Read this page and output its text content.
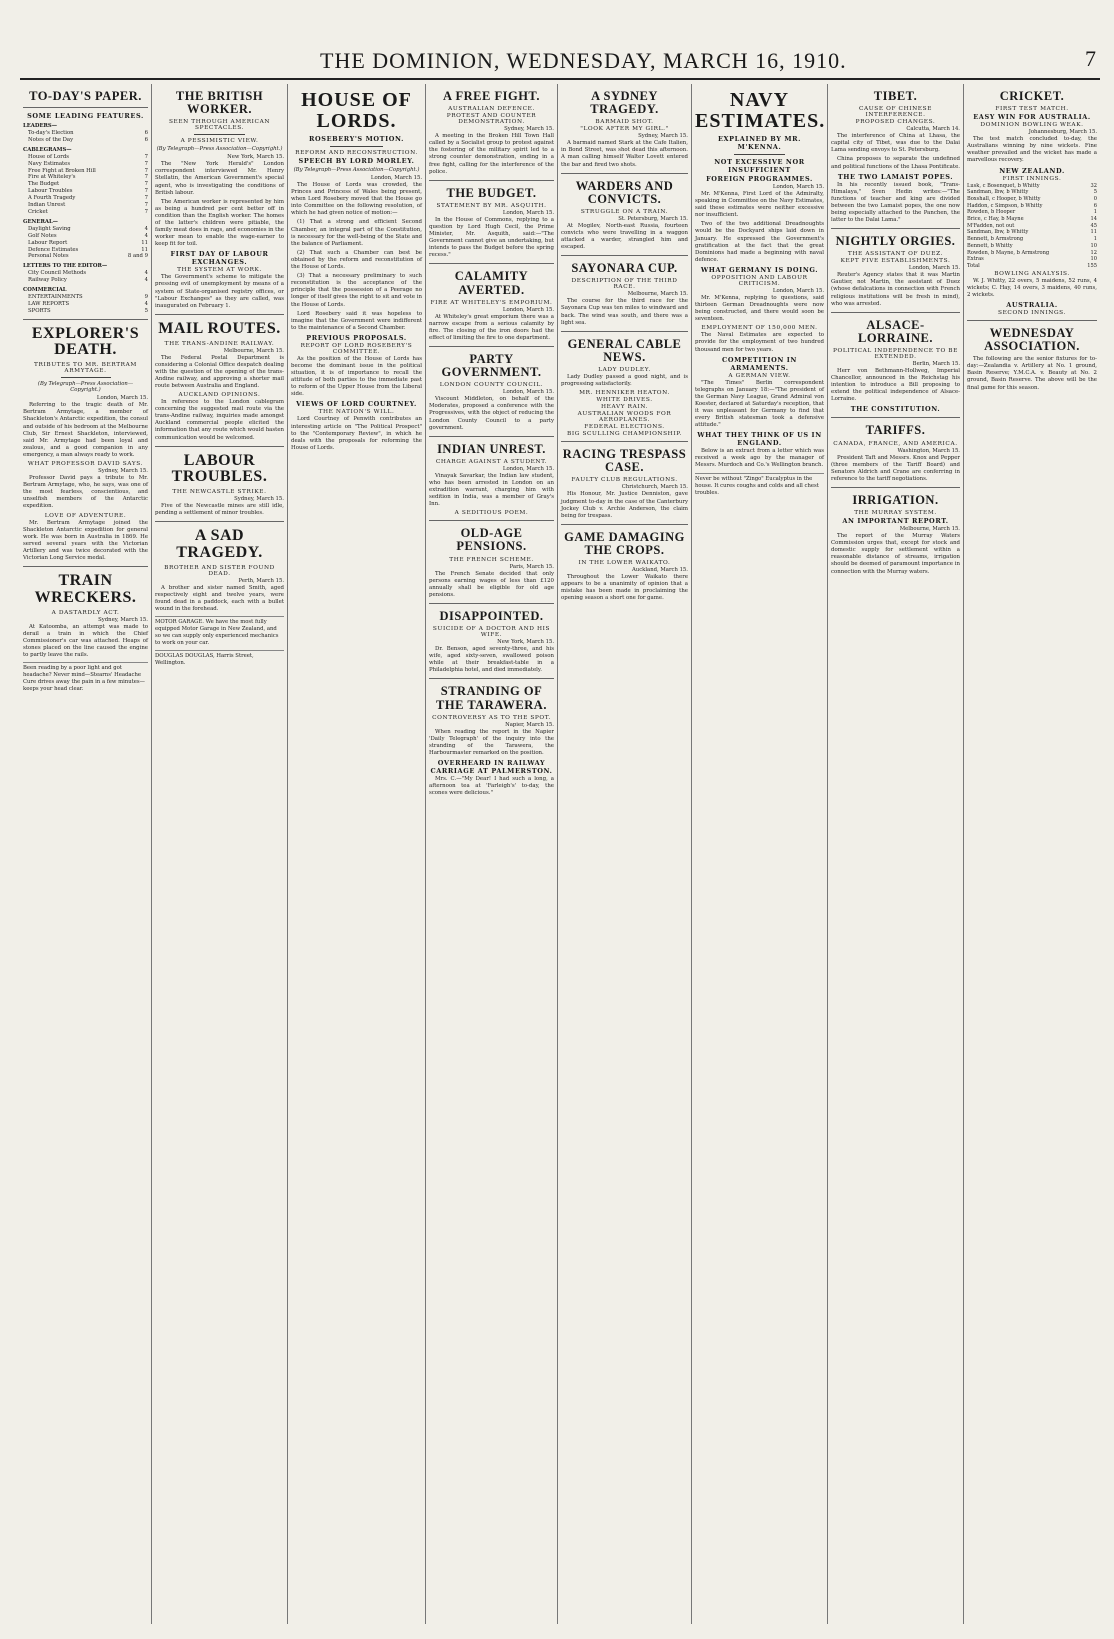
THE DOMINION, WEDNESDAY, MARCH 16, 1910.	7
TO-DAY'S PAPER.
SOME LEADING FEATURES.
LEADERS—
To-day's Election	6
Notes of the Day	6
CABLEGRAMS—
House of Lords	7
Navy Estimates	7
Free Fight at Broken Hill	7
Fire at Whiteley's	7
The Budget	7
Labour Troubles	7
A Fourth Tragedy	7
Indian Unrest	7
Cricket	7
GENERAL—
Daylight Saving	4
Golf Notes	4
Labour Report	11
Defence Estimates	11
Personal Notes	8 and 9
LETTERS TO THE EDITOR—
City Council Methods	4
Railway Policy	4
COMMERCIAL
ENTERTAINMENTS	9
LAW REPORTS	4
SPORTS	5
EXPLORER'S DEATH.
TRIBUTES TO MR. BERTRAM ARMYTAGE.
(By Telegraph—Press Association—Copyright.)
London, March 15.

Referring to the tragic death of Mr. Bertram Armytage, a member of Shackleton's Antarctic expedition, the consul and outside of his bedroom at the Melbourne Club, Sir Ernest Shackleton, interviewed, said Mr. Armytage had been loyal and zealous, and a good companion in any emergency, a man always ready to work.

WHAT PROFESSOR DAVID SAYS.
Sydney, March 15.

Professor David pays a tribute to Mr. Bertram Armytage, who, he says, was one of the most fearless, conscientious, and unselfish members of the Antarctic expedition.

LOVE OF ADVENTURE.

Mr. Bertram Armytage joined the Shackleton Antarctic expedition for general work. He was born in Australia in 1869. He served several years with the Victorian Artillery and was twice decorated with the Victorian Long Service medal.

TRAIN WRECKERS.
A DASTARDLY ACT.
Sydney, March 15.

At Katoomba, an attempt was made to derail a train in which the Chief Commissioner's car was attached. Heaps of stones placed on the line caused the engine to partly leave the rails.

Been reading by a poor light and got headache? Never mind—Stearns' Headache Cure drives away the pain in a few minutes—keeps your head clear.
THE BRITISH WORKER.
SEEN THROUGH AMERICAN SPECTACLES.
A PESSIMISTIC VIEW.
(By Telegraph—Press Association—Copyright.)
New York, March 15.

The "New York Herald's" London correspondent interviewed Mr. Henry Stellatin, the American Government's special agent, who is investigating the conditions of British labour.

The American worker is represented by him as being a hundred per cent better off in condition than the English worker. The homes of the latter's children were pitiable, the family meat does in rags, and economies in the worker mean to enable the wage-earner to keep fit for toil.

FIRST DAY OF LABOUR EXCHANGES.
THE SYSTEM AT WORK.

The Government's scheme to mitigate the pressing evil of unemployment by means of a system of State-organised registry offices, or "Labour Exchanges" as they are called, was inaugurated on February 1.

MAIL ROUTES.
THE TRANS-ANDINE RAILWAY.
Melbourne, March 15.

The Federal Postal Department is considering a Colonial Office despatch dealing with the question of the opening of the trans-Andine railway, and approving a shorter mail route between Australia and England.

AUCKLAND OPINIONS.

In reference to the London cablegram concerning the suggested mail route via the trans-Andine railway, inquiries made amongst Auckland commercial people elicited the information that any route which would hasten communication would be welcomed.

LABOUR TROUBLES.
THE NEWCASTLE STRIKE.
Sydney, March 15.

Five of the Newcastle mines are still idle, pending a settlement of minor troubles.

A SAD TRAGEDY.
BROTHER AND SISTER FOUND DEAD.
Perth, March 15.

A brother and sister named Smith, aged respectively eight and twelve years, were found dead in a paddock, each with a bullet wound in the forehead.

MOTOR GARAGE. We have the most fully equipped Motor Garage in New Zealand, and so we can supply only experienced mechanics to work on your car.
DOUGLAS DOUGLAS, Harris Street, Wellington.
HOUSE OF LORDS.
ROSEBERY'S MOTION.
REFORM AND RECONSTRUCTION.
SPEECH BY LORD MORLEY.
(By Telegraph—Press Association—Copyright.)
London, March 15.

The House of Lords was crowded, the Princes and Princess of Wales being present, when Lord Rosebery moved that the House go into Committee on the following resolution, of which he had given notice of motion:—

(1) That a strong and efficient Second Chamber, an integral part of the Constitution, is necessary for the well-being of the State and the balance of Parliament.

(2) That such a Chamber can best be obtained by the reform and reconstitution of the House of Lords.

(3) That a necessary preliminary to such reconstitution is the acceptance of the principle that the possession of a Peerage no longer of itself gives the right to sit and vote in the House of Lords.

Lord Rosebery said it was hopeless to imagine that the Government were indifferent to the maintenance of a Second Chamber.

PREVIOUS PROPOSALS.
REPORT OF LORD ROSEBERY'S COMMITTEE.

As the position of the House of Lords has become the dominant issue in the political situation, it is of importance to recall the attitude of both parties to the immediate past to reform of the Upper House from the Liberal side.

VIEWS OF LORD COURTNEY.
THE NATION'S WILL.

Lord Courtney of Penwith contributes an interesting article on "The Political Prospect" to the "Contemporary Review", in which he deals with the proposals for reforming the House of Lords.

A FREE FIGHT.
AUSTRALIAN DEFENCE.
PROTEST AND COUNTER DEMONSTRATION.
Sydney, March 15.

A meeting in the Broken Hill Town Hall called by a Socialist group to protest against the fostering of the military spirit led to a strong counter demonstration, ending in a free fight, calling for the interference of the police.

THE BUDGET.
STATEMENT BY MR. ASQUITH.
London, March 15.

In the House of Commons, replying to a question by Lord Hugh Cecil, the Prime Minister, Mr. Asquith, said:—"The Government cannot give an undertaking, but intends to pass the Budget before the spring recess."

CALAMITY AVERTED.
FIRE AT WHITELEY'S EMPORIUM.
London, March 15.

At Whiteley's great emporium there was a narrow escape from a serious calamity by fire. The closing of the iron doors had the effect of limiting the fire to one department.

PARTY GOVERNMENT.
LONDON COUNTY COUNCIL.
London, March 15.

Viscount Middleton, on behalf of the Moderates, proposed a conference with the Progressives, with the object of reducing the London County Council to a party government.

INDIAN UNREST.
CHARGE AGAINST A STUDENT.
London, March 15.

Vinayak Savarkar, the Indian law student, who has been arrested in London on an extradition warrant, charging him with sedition in India, was a member of Gray's Inn.

A SEDITIOUS POEM.
OLD-AGE PENSIONS.
THE FRENCH SCHEME.
Paris, March 15.

The French Senate decided that only persons earning wages of less than £120 annually shall be eligible for old age pensions.

DISAPPOINTED.
SUICIDE OF A DOCTOR AND HIS WIFE.
New York, March 15.

Dr. Benson, aged seventy-three, and his wife, aged sixty-seven, swallowed poison while at their breakfast-table in a Philadelphia hotel, and died immediately.

STRANDING OF THE TARAWERA.
CONTROVERSY AS TO THE SPOT.
Napier, March 15.

When reading the report in the Napier 'Daily Telegraph' of the inquiry into the stranding of the Tarawera, the Harbourmaster remarked on the position.

OVERHEARD IN RAILWAY CARRIAGE AT PALMERSTON.

Mrs. C.—"My Dear! I had such a long, a afternoon tea at 'Farleigh's' to-day, the scones were delicious."

A SYDNEY TRAGEDY.
BARMAID SHOT.
"LOOK AFTER MY GIRL."
Sydney, March 15.

A barmaid named Stark at the Cafe Italien, in Bond Street, was shot dead this afternoon. A man calling himself Walter Lovett entered the bar and fired two shots.

WARDERS AND CONVICTS.
STRUGGLE ON A TRAIN.
St. Petersburg, March 15.

At Mogilev, North-east Russia, fourteen convicts who were travelling in a waggon attacked a warder, strangled him and escaped.

SAYONARA CUP.
DESCRIPTION OF THE THIRD RACE.
Melbourne, March 15.

The course for the third race for the Sayonara Cup was ten miles to windward and back. The wind was south, and there was a light sea.

GENERAL CABLE NEWS.
LADY DUDLEY.

Lady Dudley passed a good night, and is progressing satisfactorily.

MR. HENNIKER HEATON.
WHITE DRIVES.
HEAVY RAIN.
AUSTRALIAN WOODS FOR AEROPLANES.
FEDERAL ELECTIONS.
BIG SCULLING CHAMPIONSHIP.
RACING TRESPASS CASE.
FAULTY CLUB REGULATIONS.
Christchurch, March 15.

His Honour, Mr. Justice Denniston, gave judgment to-day in the case of the Canterbury Jockey Club v. Archie Anderson, the claim being for trespass.

GAME DAMAGING THE CROPS.
IN THE LOWER WAIKATO.
Auckland, March 15.

Throughout the Lower Waikato there appears to be a unanimity of opinion that a mistake has been made in proclaiming the opening season a short one for game.

NAVY ESTIMATES.
EXPLAINED BY MR. M'KENNA.
NOT EXCESSIVE NOR INSUFFICIENT
FOREIGN PROGRAMMES.
London, March 15.

Mr. M'Kenna, First Lord of the Admiralty, speaking in Committee on the Navy Estimates, said these estimates were neither excessive nor insufficient.

Two of the two additional Dreadnoughts would be the Dockyard ships laid down in January. He expressed the Government's gratification at the fact that the great Dominions had made a beginning with naval defence.

WHAT GERMANY IS DOING.
OPPOSITION AND LABOUR CRITICISM.
London, March 15.

Mr. M'Kenna, replying to questions, said thirteen German Dreadnoughts were now being constructed, and there would soon be seventeen.

EMPLOYMENT OF 150,000 MEN.

The Naval Estimates are expected to provide for the employment of two hundred thousand men for two years.

COMPETITION IN ARMAMENTS.
A GERMAN VIEW.

"The Times" Berlin correspondent telegraphs on January 18:—"The president of the German Navy League, Grand Admiral von Koester, declared at Saturday's reception, that it was unpleasant for Germany to find that every British statesman took a defensive attitude."

WHAT THEY THINK OF US IN ENGLAND.

Below is an extract from a letter which was received a week ago by the manager of Messrs. Murdoch and Co.'s Wellington branch.

Never be without "Zingo" Eucalyptus in the house. It cures coughs and colds and all chest troubles.
TIBET.
CAUSE OF CHINESE INTERFERENCE.
PROPOSED CHANGES.
Calcutta, March 14.

The interference of China at Lhasa, the capital city of Tibet, was due to the Dalai Lama sending envoys to St. Petersburg.

China proposes to separate the undefined and political functions of the Lhasa Pontificate.

THE TWO LAMAIST POPES.

In his recently issued book, "Trans-Himalaya," Sven Hedin writes:—"The functions of teacher and king are divided between the two Lamaist popes, the one now being especially attached to the Panchen, the latter to the Dalai Lama."

NIGHTLY ORGIES.
THE ASSISTANT OF DUEZ.
KEPT FIVE ESTABLISHMENTS.
London, March 15.

Reuter's Agency states that it was Martin Gautier, not Martin, the assistant of Duez (whose defalcations in connection with French religious institutions will be fresh in mind), who was arrested.

ALSACE-LORRAINE.
POLITICAL INDEPENDENCE TO BE EXTENDED.
Berlin, March 15.

Herr von Bethmann-Hollweg, Imperial Chancellor, announced in the Reichstag his intention to introduce a Bill proposing to extend the political independence of Alsace-Lorraine.

THE CONSTITUTION.
TARIFFS.
CANADA, FRANCE, AND AMERICA.
Washington, March 15.

President Taft and Messrs. Knox and Pepper (three members of the Tariff Board) and Senators Aldrich and Crane are conferring in reference to the tariff negotiations.

IRRIGATION.
THE MURRAY SYSTEM.
AN IMPORTANT REPORT.
Melbourne, March 15.

The report of the Murray Waters Commission urges that, except for stock and domestic supply for settlement within a reasonable distance of streams, irrigation should be deemed of paramount importance in connection with the Murray waters.

CRICKET.
FIRST TEST MATCH.
EASY WIN FOR AUSTRALIA.
DOMINION BOWLING WEAK.
Johannesburg, March 15.

The test match concluded to-day, the Australians winning by nine wickets. Fine weather prevailed and the wicket has made a marvellous recovery.

NEW ZEALAND.
FIRST INNINGS.
Lusk, c Bosenquet, b Whitty	32
Sandman, lbw, b Whitty	5
Boxshall, c Hooper, b Whitty	0
Haddon, c Simpson, b Whitty	6
Rowden, b Hooper	1
Brice, c Hay, b Mayne	14
M'Fadden, not out	45
Sandman, lbw, b Whitty	11
Bennett, b Armstrong	1
Bennett, b Whitty	10
Rowden, b Mayne, b Armstrong	12
Extras	10
Total	155
BOWLING ANALYSIS.

W. J. Whitty, 22 overs, 5 maidens, 52 runs, 4 wickets; C. Hay, 14 overs, 3 maidens, 40 runs, 2 wickets.

AUSTRALIA.
SECOND INNINGS.
WEDNESDAY ASSOCIATION.

The following are the senior fixtures for to-day:—Zealandia v. Artillery at No. 1 ground, Basin Reserve; Y.M.C.A. v. Beauty at No. 2 ground, Basin Reserve. The above will be the final game for this season.
